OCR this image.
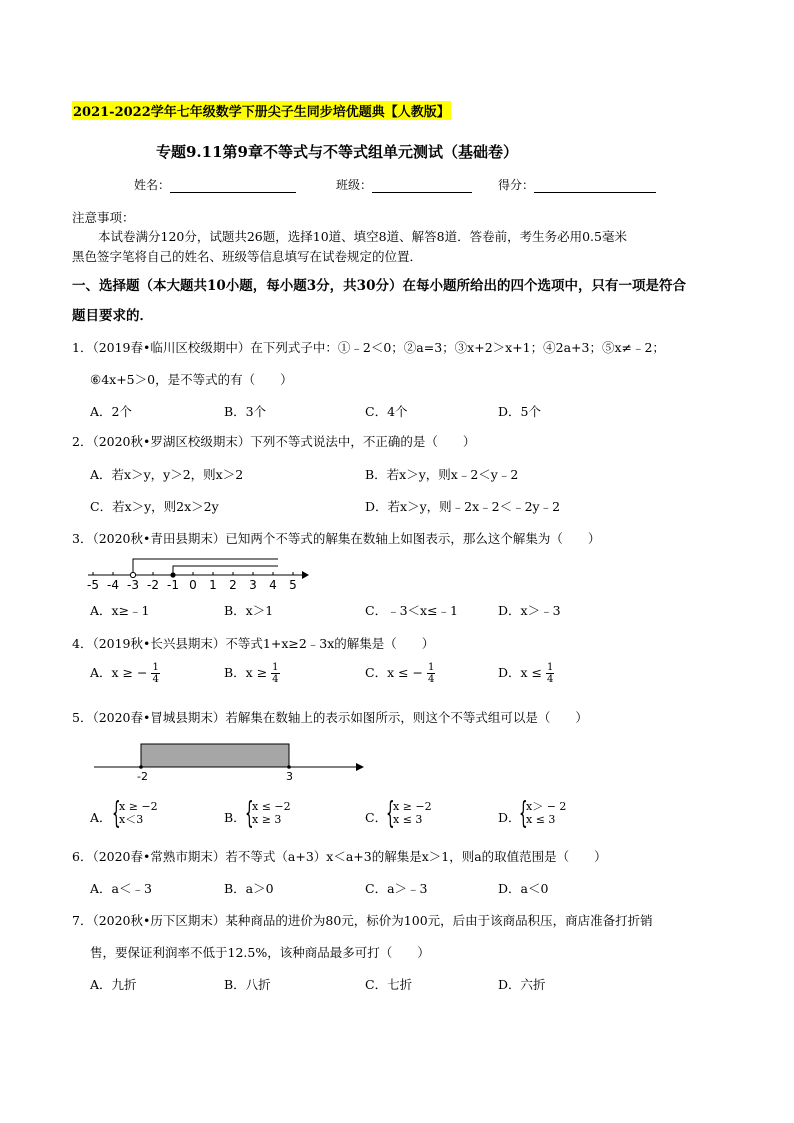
2021-2022学年七年级数学下册尖子生同步培优题典【人教版】
专题9.11第9章不等式与不等式组单元测试（基础卷）
姓名：	班级：	得分：
注意事项：
本试卷满分120分，试题共26题，选择10道、填空8道、解答8道．答卷前，考生务必用0.5毫米
黑色签字笔将自己的姓名、班级等信息填写在试卷规定的位置．
一、选择题（本大题共10小题，每小题3分，共30分）在每小题所给出的四个选项中，只有一项是符合
题目要求的．
1．（2019春•临川区校级期中）在下列式子中：①﹣2＜0；②a=3；③x+2＞x+1；④2a+3；⑤x≠﹣2；
⑥4x+5＞0，是不等式的有（　　）
A．2个	B．3个	C．4个	D．5个
2．（2020秋•罗湖区校级期末）下列不等式说法中，不正确的是（　　）
A．若x＞y，y＞2，则x＞2	B．若x＞y，则x﹣2＜y﹣2
C．若x＞y，则2x＞2y	D．若x＞y，则﹣2x﹣2＜﹣2y﹣2
3．（2020秋•青田县期末）已知两个不等式的解集在数轴上如图表示，那么这个解集为（　　）
-5 -4 -3 -2 -1 0 1 2 3 4 5
A．x≥﹣1	B．x＞1	C．﹣3＜x≤﹣1	D．x＞﹣3
4．（2019秋•长兴县期末）不等式1+x≥2﹣3x的解集是（　　）
A．x ≥ − $\frac{1}{4}$	B．$x \ge \frac{1}{4}$	C．x ≤ − $\frac{1}{4}$	D．$x \le \frac{1}{4}$
5．（2020春•冒城县期末）若解集在数轴上的表示如图所示，则这个不等式组可以是（　　）
-2	3
A． {
x ≥ −2
x＜3	B． {
x ≤ −2
x ≥ 3	C．
{
x ≥ −2
x ≤ 3	D．
{
x＞ − 2
x ≤ 3
6．（2020春•常熟市期末）若不等式（a+3）x＜a+3的解集是x＞1，则a的取值范围是（　　）
A．a＜﹣3	B．a＞0	C．a＞﹣3	D．a＜0
7．（2020秋•历下区期末）某种商品的进价为80元，标价为100元，后由于该商品积压，商店准备打折销
售，要保证利润率不低于12.5%，该种商品最多可打（　　）
A．九折	B．八折	C．七折	D．六折
